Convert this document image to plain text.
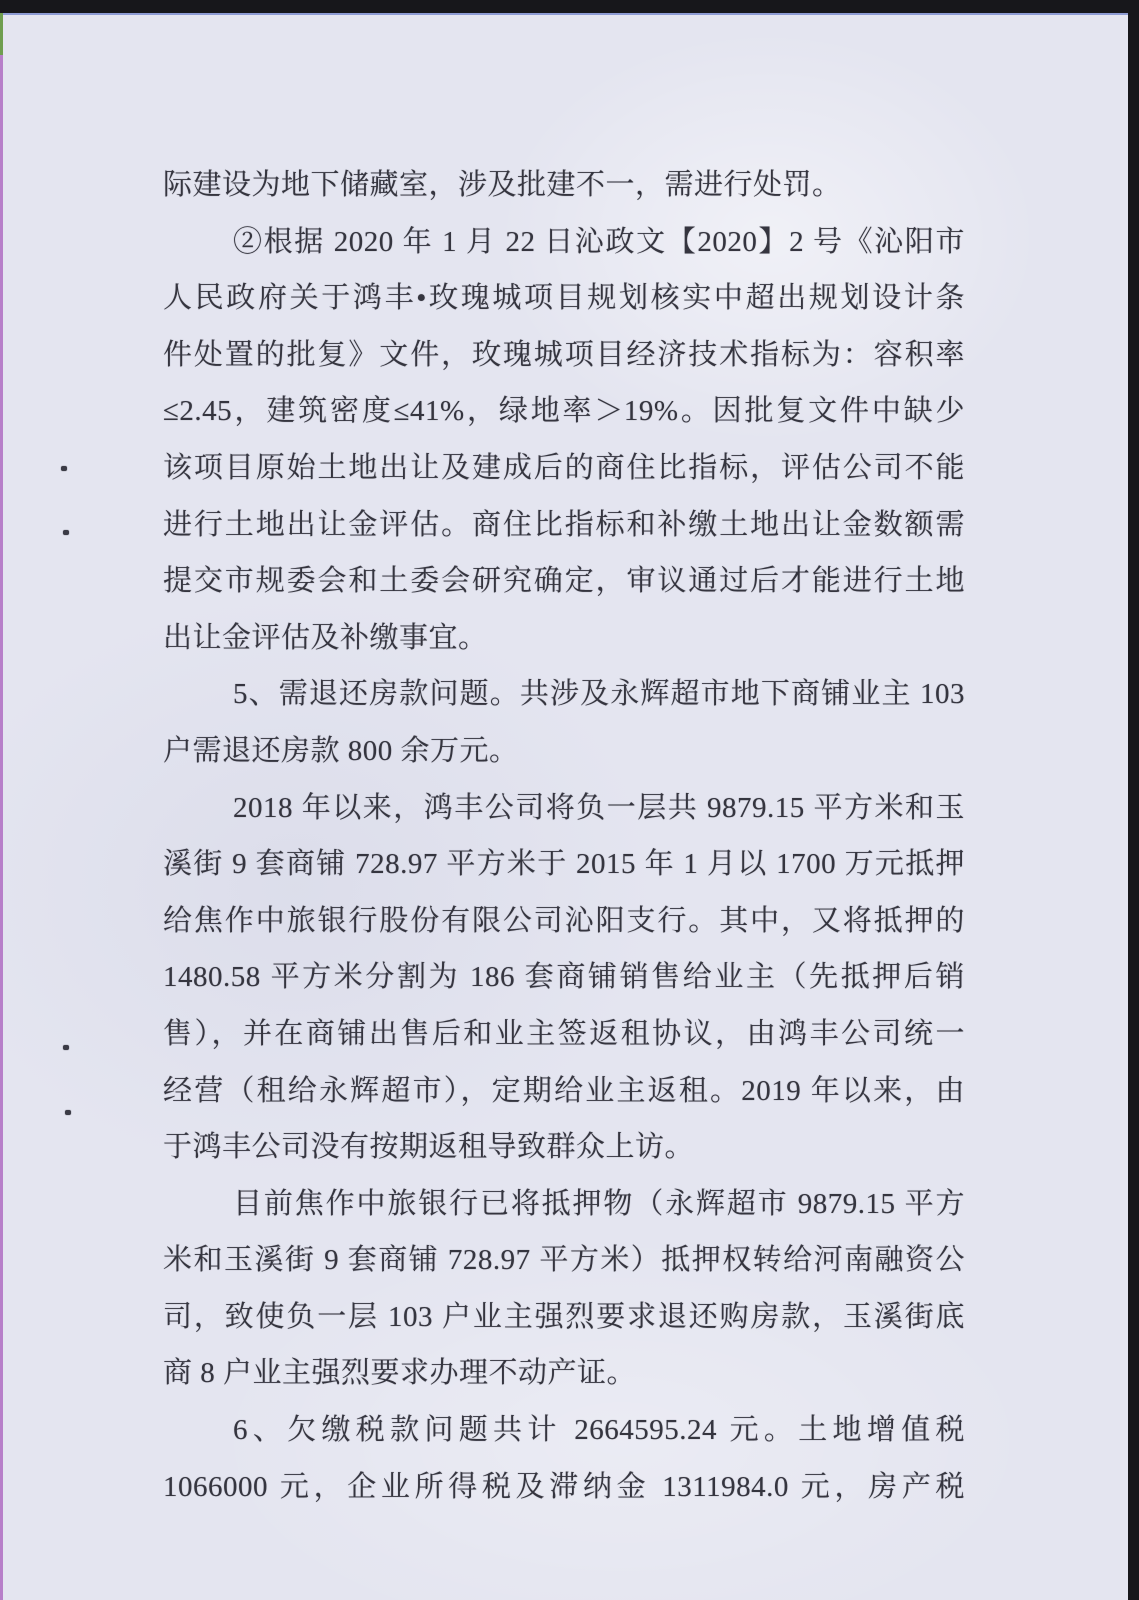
际建设为地下储藏室，涉及批建不一，需进行处罚。
②根据 2020 年 1 月 22 日沁政文【2020】2 号《沁阳市
人民政府关于鸿丰•玫瑰城项目规划核实中超出规划设计条
件处置的批复》文件，玫瑰城项目经济技术指标为：容积率
≤2.45，建筑密度≤41%，绿地率＞19%。因批复文件中缺少
该项目原始土地出让及建成后的商住比指标，评估公司不能
进行土地出让金评估。商住比指标和补缴土地出让金数额需
提交市规委会和土委会研究确定，审议通过后才能进行土地
出让金评估及补缴事宜。
5、需退还房款问题。共涉及永辉超市地下商铺业主 103
户需退还房款 800 余万元。
2018 年以来，鸿丰公司将负一层共 9879.15 平方米和玉
溪街 9 套商铺 728.97 平方米于 2015 年 1 月以 1700 万元抵押
给焦作中旅银行股份有限公司沁阳支行。其中，又将抵押的
1480.58 平方米分割为 186 套商铺销售给业主（先抵押后销
售），并在商铺出售后和业主签返租协议，由鸿丰公司统一
经营（租给永辉超市），定期给业主返租。2019 年以来，由
于鸿丰公司没有按期返租导致群众上访。
目前焦作中旅银行已将抵押物（永辉超市 9879.15 平方
米和玉溪街 9 套商铺 728.97 平方米）抵押权转给河南融资公
司，致使负一层 103 户业主强烈要求退还购房款，玉溪街底
商 8 户业主强烈要求办理不动产证。
6、欠缴税款问题共计 2664595.24 元。土地增值税
1066000 元，企业所得税及滞纳金 1311984.0 元，房产税
